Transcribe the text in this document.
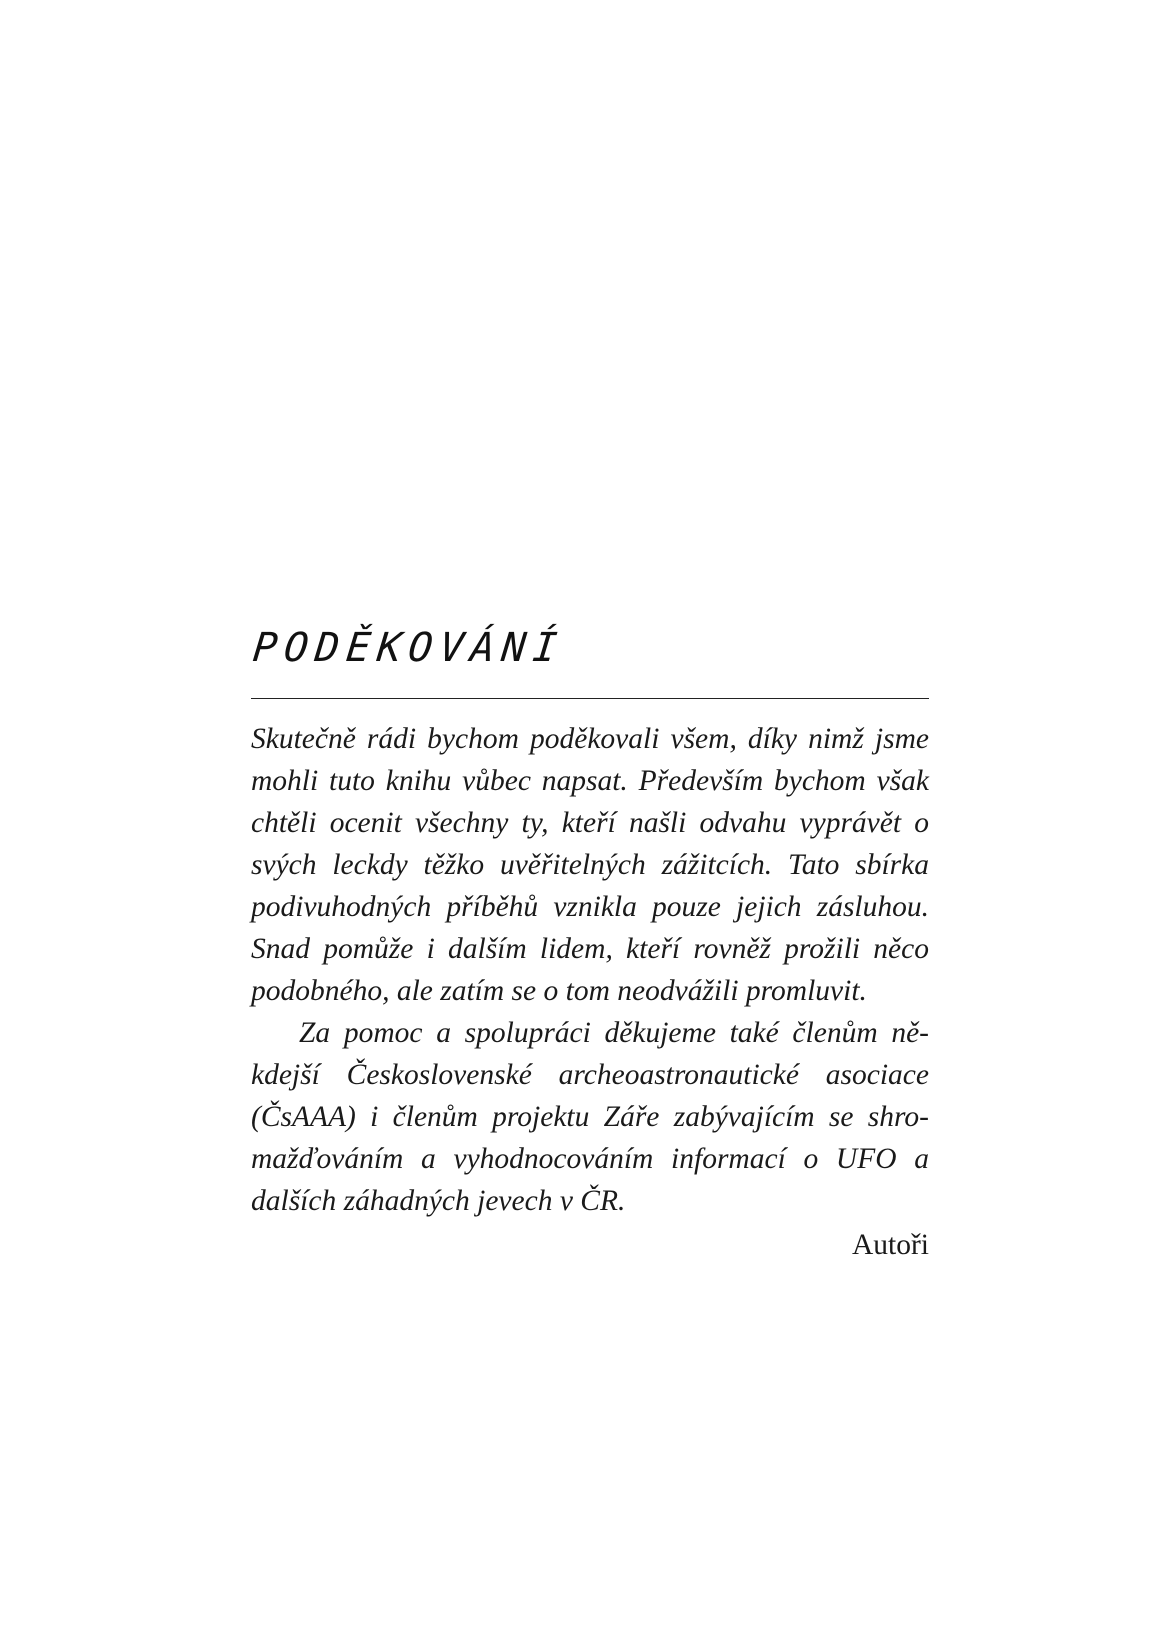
PODĚKOVÁNÍ

Skutečně rádi bychom poděkovali všem, díky nimž jsme mohli tuto knihu vůbec napsat. Především bychom však chtěli ocenit všechny ty, kteří našli odvahu vyprávět o svých leckdy těžko uvěřitelných zážitcích. Tato sbírka podivuhodných příběhů vznikla pouze jejich zásluhou. Snad pomůže i dalším lidem, kteří rovněž prožili něco podobného, ale zatím se o tom neodvážili promluvit.

Za pomoc a spolupráci děkujeme také členům někdejší Československé archeoastronautické asociace (ČsAAA) i členům projektu Záře zabývajícím se shromažďováním a vyhodnocováním informací o UFO a dalších záhadných jevech v ČR.

Autoři
